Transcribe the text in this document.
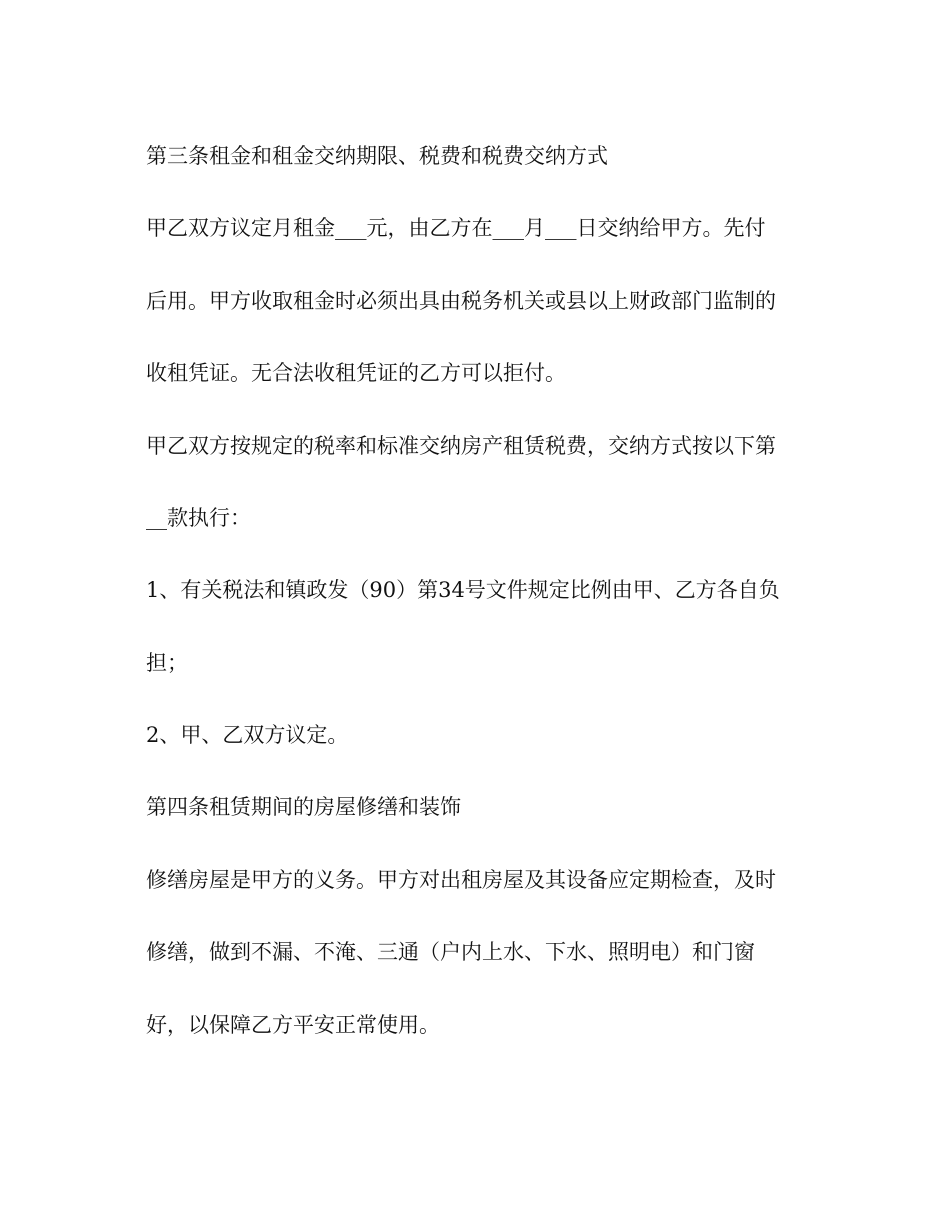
第三条租金和租金交纳期限、税费和税费交纳方式
甲乙双方议定月租金___元，由乙方在___月___日交纳给甲方。先付
后用。甲方收取租金时必须出具由税务机关或县以上财政部门监制的
收租凭证。无合法收租凭证的乙方可以拒付。
甲乙双方按规定的税率和标准交纳房产租赁税费，交纳方式按以下第
__款执行：
1、有关税法和镇政发（90）第34号文件规定比例由甲、乙方各自负
担；
2、甲、乙双方议定。
第四条租赁期间的房屋修缮和装饰
修缮房屋是甲方的义务。甲方对出租房屋及其设备应定期检查，及时
修缮，做到不漏、不淹、三通（户内上水、下水、照明电）和门窗
好，以保障乙方平安正常使用。
